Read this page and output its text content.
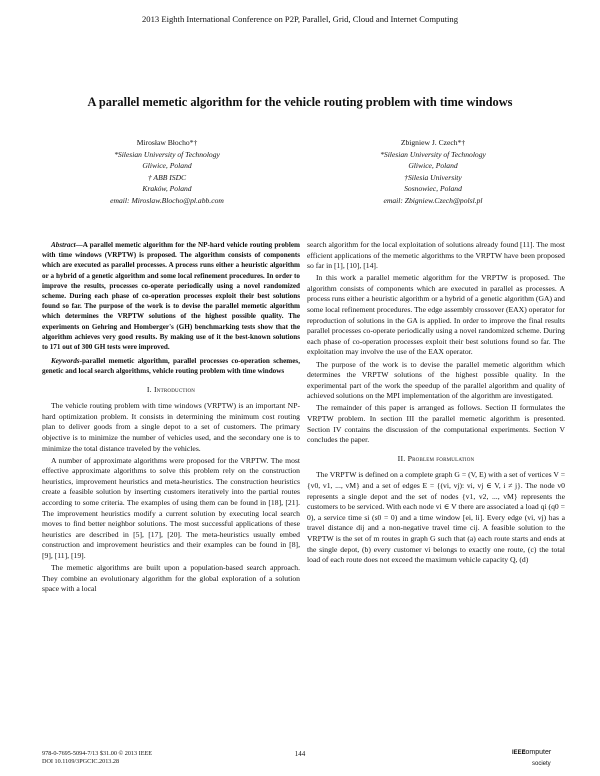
2013 Eighth International Conference on P2P, Parallel, Grid, Cloud and Internet Computing
A parallel memetic algorithm for the vehicle routing problem with time windows
Mirosław Błocho*†
*Silesian University of Technology
Gliwice, Poland
† ABB ISDC
Kraków, Poland
email: Miroslaw.Blocho@pl.abb.com
Zbigniew J. Czech*†
*Silesian University of Technology
Gliwice, Poland
†Silesia University
Sosnowiec, Poland
email: Zbigniew.Czech@polsl.pl

Abstract—A parallel memetic algorithm for the NP-hard vehicle routing problem with time windows (VRPTW) is proposed. The algorithm consists of components which are executed as parallel processes. A process runs either a heuristic algorithm or a hybrid of a genetic algorithm and some local refinement procedures. In order to improve the results, processes co-operate periodically using a novel randomized scheme. During each phase of co-operation processes exploit their best solutions found so far. The purpose of the work is to devise the parallel memetic algorithm which determines the VRPTW solutions of the highest possible quality. The experiments on Gehring and Homberger's (GH) benchmarking tests show that the algorithm achieves very good results. By making use of it the best-known solutions to 171 out of 300 GH tests were improved.

Keywords-parallel memetic algorithm, parallel processes co-operation schemes, genetic and local search algorithms, vehicle routing problem with time windows

I. Introduction

The vehicle routing problem with time windows (VRPTW) is an important NP-hard optimization problem. It consists in determining the minimum cost routing plan to deliver goods from a single depot to a set of customers. The primary objective is to minimize the number of vehicles used, and the secondary one is to minimize the total distance traveled by the vehicles.

A number of approximate algorithms were proposed for the VRPTW. The most effective approximate algorithms to solve this problem rely on the construction heuristics, improvement heuristics and meta-heuristics. The construction heuristics create a feasible solution by inserting customers iteratively into the partial routes according to some criteria. The examples of using them can be found in [18], [21]. The improvement heuristics modify a current solution by executing local search moves to find better neighbor solutions. The most successful applications of these heuristics are described in [5], [17], [20]. The meta-heuristics usually embed construction and improvement heuristics and their examples can be found in [8], [9], [11], [19].

The memetic algorithms are built upon a population-based search approach. They combine an evolutionary algorithm for the global exploration of a solution space with a local

search algorithm for the local exploitation of solutions already found [11]. The most efficient applications of the memetic algorithms to the VRPTW have been proposed so far in [1], [10], [14].

In this work a parallel memetic algorithm for the VRPTW is proposed. The algorithm consists of components which are executed in parallel as processes. A process runs either a heuristic algorithm or a hybrid of a genetic algorithm (GA) and some local refinement procedures. The edge assembly crossover (EAX) operator for reproduction of solutions in the GA is applied. In order to improve the final results parallel processes co-operate periodically using a novel randomized scheme. During each phase of co-operation processes exploit their best solutions found so far. The exploitation may involve the use of the EAX operator.

The purpose of the work is to devise the parallel memetic algorithm which determines the VRPTW solutions of the highest possible quality. In the experimental part of the work the speedup of the parallel algorithm and quality of achieved solutions on the MPI implementation of the algorithm are investigated.

The remainder of this paper is arranged as follows. Section II formulates the VRPTW problem. In section III the parallel memetic algorithm is presented. Section IV contains the discussion of the computational experiments. Section V concludes the paper.

II. Problem formulation

The VRPTW is defined on a complete graph G = (V, E) with a set of vertices V = {v0, v1, ..., vM} and a set of edges E = {(vi, vj): vi, vj ∈ V, i ≠ j}. The node v0 represents a single depot and the set of nodes {v1, v2, ..., vM} represents the customers to be serviced. With each node vi ∈ V there are associated a load qi (q0 = 0), a service time si (s0 = 0) and a time window [ei, li]. Every edge (vi, vj) has a travel distance dij and a non-negative travel time cij. A feasible solution to the VRPTW is the set of m routes in graph G such that (a) each route starts and ends at the single depot, (b) every customer vi belongs to exactly one route, (c) the total load of each route does not exceed the maximum vehicle capacity Q, (d)

978-0-7695-5094-7/13 $31.00 © 2013 IEEE
DOI 10.1109/3PGCIC.2013.28
144	IEEE
computer
society
